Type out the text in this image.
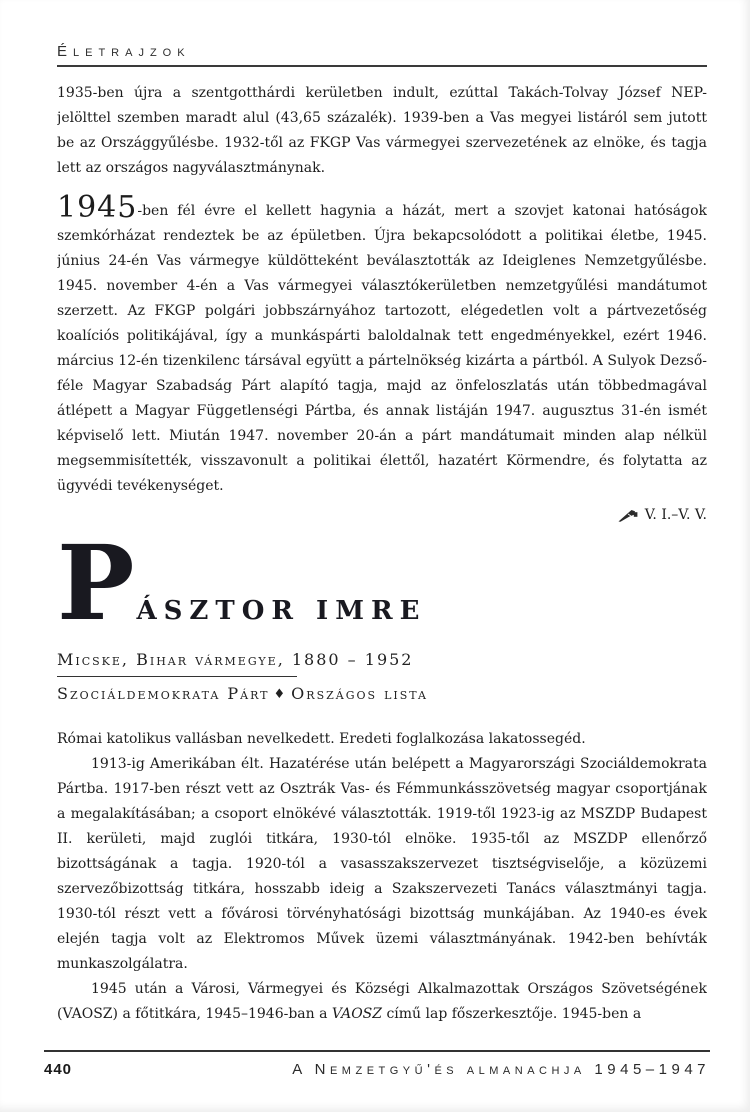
Életrajzok

1935-ben újra a szentgotthárdi kerületben indult, ezúttal Takách-Tolvay József NEP-jelölttel szemben maradt alul (43,65 százalék). 1939-ben a Vas megyei listáról sem jutott be az Országgyűlésbe. 1932-től az FKGP Vas vármegyei szervezetének az elnöke, és tagja lett az országos nagyválasztmánynak.

1945-ben fél évre el kellett hagynia a házát, mert a szovjet katonai hatóságok szemkórházat rendeztek be az épületben. Újra bekapcsolódott a politikai életbe, 1945. június 24-én Vas vármegye küldötteként beválasztották az Ideiglenes Nemzetgyűlésbe. 1945. november 4-én a Vas vármegyei választókerületben nemzetgyűlési mandátumot szerzett. Az FKGP polgári jobbszárnyához tartozott, elégedetlen volt a pártvezetőség koalíciós politikájával, így a munkáspárti baloldalnak tett engedményekkel, ezért 1946. március 12-én tizenkilenc társával együtt a pártelnökség kizárta a pártból. A Sulyok Dezső-féle Magyar Szabadság Párt alapító tagja, majd az önfeloszlatás után többedmagával átlépett a Magyar Függetlenségi Pártba, és annak listáján 1947. augusztus 31-én ismét képviselő lett. Miután 1947. november 20-án a párt mandátumait minden alap nélkül megsemmisítették, visszavonult a politikai élettől, hazatért Körmendre, és folytatta az ügyvédi tevékenységet.

V. I.–V. V.
PÁSZTOR IMRE
Micske, Bihar vármegye, 1880 – 1952
Szociáldemokrata Párt ♦ Országos lista

Római katolikus vallásban nevelkedett. Eredeti foglalkozása lakatossegéd.

1913-ig Amerikában élt. Hazatérése után belépett a Magyarországi Szociáldemokrata Pártba. 1917-ben részt vett az Osztrák Vas- és Fémmunkásszövetség magyar csoportjának a megalakításában; a csoport elnökévé választották. 1919-től 1923-ig az MSZDP Budapest II. kerületi, majd zuglói titkára, 1930-tól elnöke. 1935-től az MSZDP ellenőrző bizottságának a tagja. 1920-tól a vasasszakszervezet tisztségviselője, a közüzemi szervezőbizottság titkára, hosszabb ideig a Szakszervezeti Tanács választmányi tagja. 1930-tól részt vett a fővárosi törvényhatósági bizottság munkájában. Az 1940-es évek elején tagja volt az Elektromos Művek üzemi választmányának. 1942-ben behívták munkaszolgálatra.

1945 után a Városi, Vármegyei és Községi Alkalmazottak Országos Szövetségének (VAOSZ) a főtitkára, 1945–1946-ban a VAOSZ című lap főszerkesztője. 1945-ben a

440	A Nemzetgyű'és almanachja 1945–1947
